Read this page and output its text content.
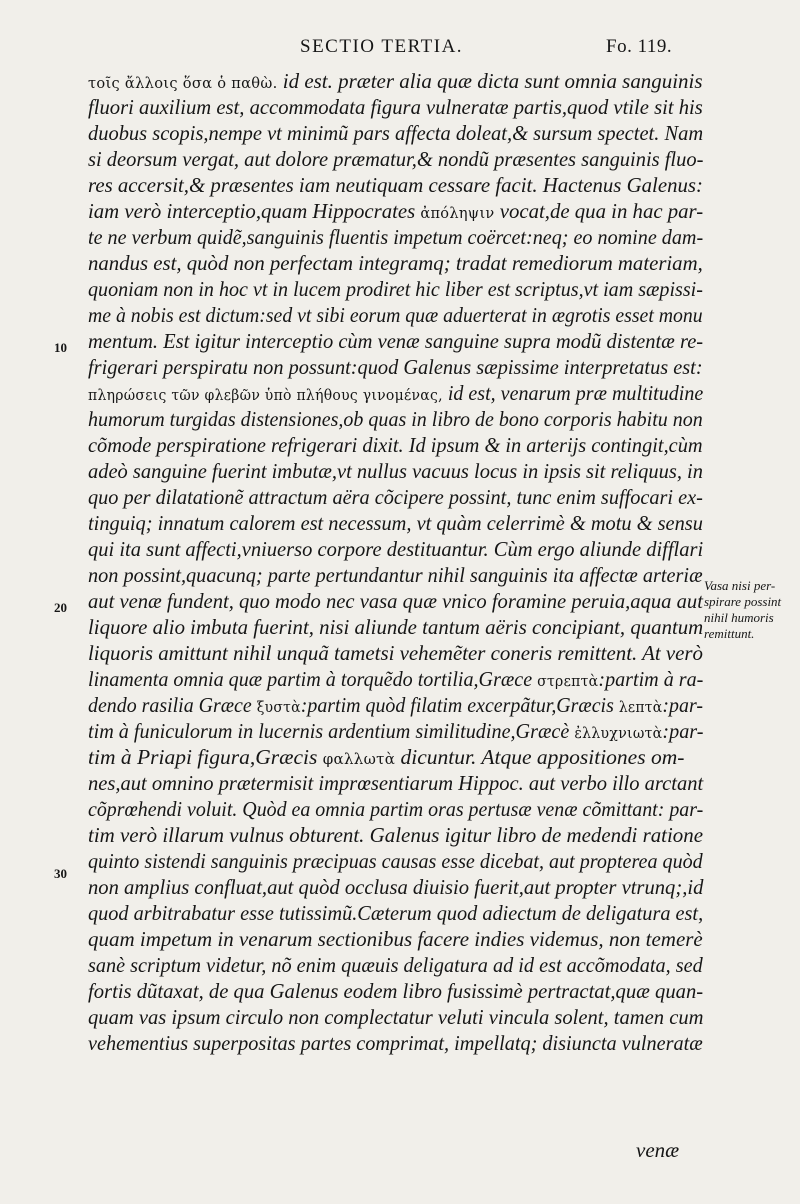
SECTIO TERTIA.	Fo. 119.
τοῖς ἄλλοις ὅσα ὁ παθὼ. id est. præter alia quæ dicta sunt omnia sanguinis
fluori auxilium est, accommodata figura vulneratæ partis,quod vtile sit his
duobus scopis,nempe vt minimũ pars affecta doleat,& sursum spectet. Nam
si deorsum vergat, aut dolore præmatur,& nondũ præsentes sanguinis fluo-
res accersit,& præsentes iam neutiquam cessare facit. Hactenus Galenus:
iam verò interceptio,quam Hippocrates ἀπόληψιν vocat,de qua in hac par-
te ne verbum quidẽ,sanguinis fluentis impetum coërcet:neq; eo nomine dam-
nandus est, quòd non perfectam integramq; tradat remediorum materiam,
quoniam non in hoc vt in lucem prodiret hic liber est scriptus,vt iam sæpissi-
me à nobis est dictum:sed vt sibi eorum quæ aduerterat in ægrotis esset monu
mentum. Est igitur interceptio cùm venæ sanguine supra modũ distentæ re-
frigerari perspiratu non possunt:quod Galenus sæpissime interpretatus est:
πληρώσεις τῶν φλεβῶν ὑπὸ πλήθους γινομένας, id est, venarum præ multitudine
humorum turgidas distensiones,ob quas in libro de bono corporis habitu non
cõmode perspiratione refrigerari dixit. Id ipsum & in arterijs contingit,cùm
adeò sanguine fuerint imbutæ,vt nullus vacuus locus in ipsis sit reliquus, in
quo per dilatationẽ attractum aëra cõcipere possint, tunc enim suffocari ex-
tinguiq; innatum calorem est necessum, vt quàm celerrimè & motu & sensu
qui ita sunt affecti,vniuerso corpore destituantur. Cùm ergo aliunde difflari
non possint,quacunq; parte pertundantur nihil sanguinis ita affectæ arteriæ
aut venæ fundent, quo modo nec vasa quæ vnico foramine peruia,aqua aut
liquore alio imbuta fuerint, nisi aliunde tantum aëris concipiant, quantum
liquoris amittunt nihil unquã tametsi vehemẽter coneris remittent. At verò
linamenta omnia quæ partim à torquẽdo tortilia,Græce στρεπτὰ:partim à ra-
dendo rasilia Græce ξυστὰ:partim quòd filatim excerpãtur,Græcis λεπτὰ:par-
tim à funiculorum in lucernis ardentium similitudine,Græcè ἐλλυχνιωτὰ:par-
tim à Priapi figura,Græcis φαλλωτὰ dicuntur. Atque appositiones om-
nes,aut omnino prætermisit imprœsentiarum Hippoc. aut verbo illo arctant
cõprœhendi voluit. Quòd ea omnia partim oras pertusæ venæ cõmittant: par-
tim verò illarum vulnus obturent. Galenus igitur libro de medendi ratione
quinto sistendi sanguinis præcipuas causas esse dicebat, aut propterea quòd
non amplius confluat,aut quòd occlusa diuisio fuerit,aut propter vtrunq;,id
quod arbitrabatur esse tutissimũ.Cæterum quod adiectum de deligatura est,
quam impetum in venarum sectionibus facere indies videmus, non temerè
sanè scriptum videtur, nõ enim quæuis deligatura ad id est accõmodata, sed
fortis dũtaxat, de qua Galenus eodem libro fusissimè pertractat,quæ quan-
quam vas ipsum circulo non complectatur veluti vincula solent, tamen cum
vehementius superpositas partes comprimat, impellatq; disiuncta vulneratæ
10
20
30
Vasa nisi per-
spirare possint
nihil humoris
remittunt.
venæ
